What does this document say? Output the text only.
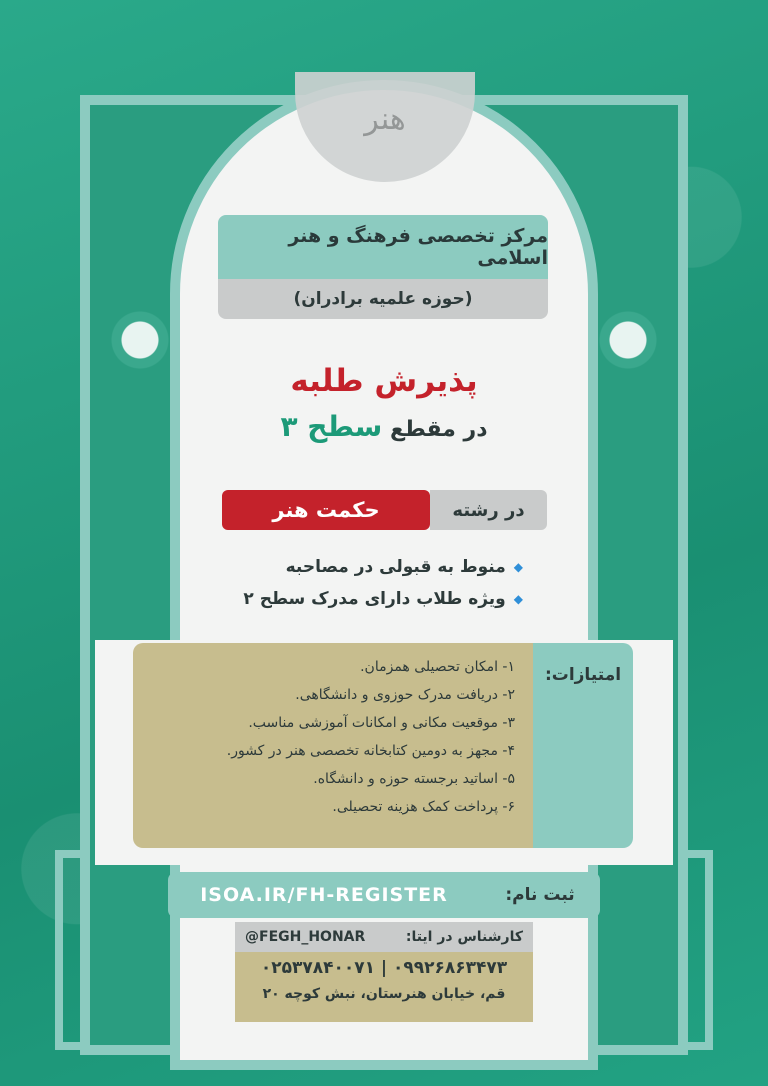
هنر
مرکز تخصصی فرهنگ و هنر اسلامی
(حوزه علمیه برادران)
پذیرش طلبه
در مقطع سطح ۳
در رشته
حکمت هنر
◆
منوط به قبولی در مصاحبه
◆
ویژه طلاب دارای مدرک سطح ۲
امتیازات:
۱- امکان تحصیلی همزمان.
۲- دریافت مدرک حوزوی و دانشگاهی.
۳- موقعیت مکانی و امکانات آموزشی مناسب.
۴- مجهز به دومین کتابخانه تخصصی هنر در کشور.
۵- اساتید برجسته حوزه و دانشگاه.
۶- پرداخت کمک هزینه تحصیلی.
ثبت نام:
ISOA.IR/FH-REGISTER
کارشناس در ایتا:
@FEGH_HONAR
۰۹۹۲۶۸۶۳۴۷۳ | ۰۲۵۳۷۸۴۰۰۷۱
قم، خیابان هنرستان، نبش کوچه ۲۰
